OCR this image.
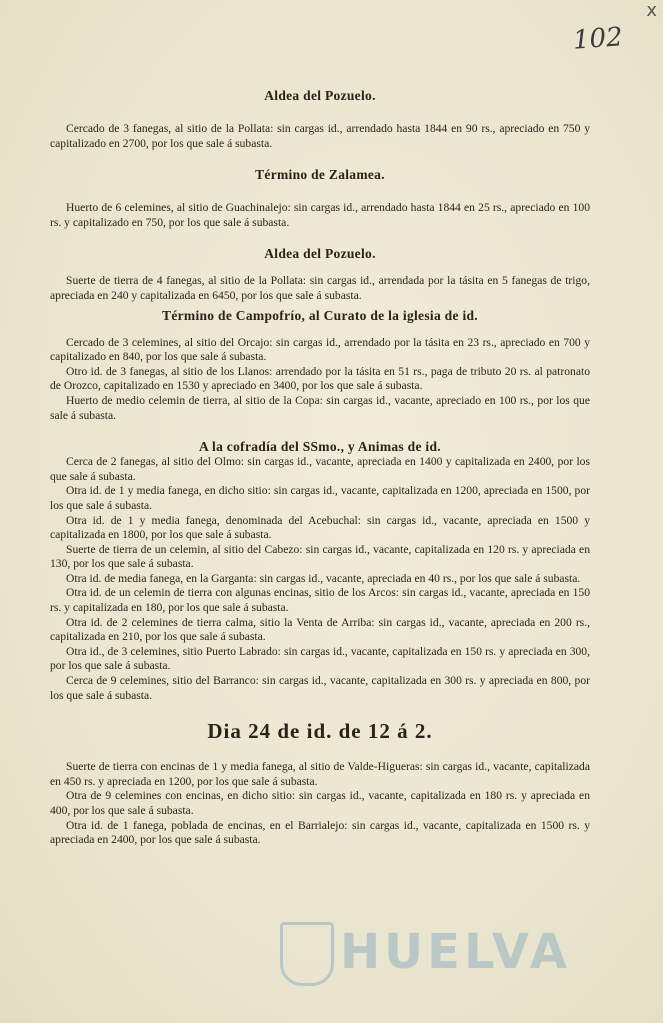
x
102
Aldea del Pozuelo.

Cercado de 3 fanegas, al sitio de la Pollata: sin cargas id., arrendado hasta 1844 en 90 rs., apreciado en 750 y capitalizado en 2700, por los que sale á subasta.

Término de Zalamea.

Huerto de 6 celemines, al sitio de Guachinalejo: sin cargas id., arrendado hasta 1844 en 25 rs., apreciado en 100 rs. y capitalizado en 750, por los que sale á subasta.

Aldea del Pozuelo.

Suerte de tierra de 4 fanegas, al sitio de la Pollata: sin cargas id., arrendada por la tásita en 5 fanegas de trigo, apreciada en 240 y capitalizada en 6450, por los que sale á subasta.

Término de Campofrío, al Curato de la iglesia de id.

Cercado de 3 celemines, al sitio del Orcajo: sin cargas id., arrendado por la tásita en 23 rs., apreciado en 700 y capitalizado en 840, por los que sale á subasta.

Otro id. de 3 fanegas, al sitio de los Llanos: arrendado por la tásita en 51 rs., paga de tributo 20 rs. al patronato de Orozco, capitalizado en 1530 y apreciado en 3400, por los que sale á subasta.

Huerto de medio celemin de tierra, al sitio de la Copa: sin cargas id., vacante, apreciado en 100 rs., por los que sale á subasta.

A la cofradía del SSmo., y Animas de id.

Cerca de 2 fanegas, al sitio del Olmo: sin cargas id., vacante, apreciada en 1400 y capitalizada en 2400, por los que sale á subasta.

Otra id. de 1 y media fanega, en dicho sitio: sin cargas id., vacante, capitalizada en 1200, apreciada en 1500, por los que sale á subasta.

Otra id. de 1 y media fanega, denominada del Acebuchal: sin cargas id., vacante, apreciada en 1500 y capitalizada en 1800, por los que sale á subasta.

Suerte de tierra de un celemin, al sitio del Cabezo: sin cargas id., vacante, capitalizada en 120 rs. y apreciada en 130, por los que sale á subasta.

Otra id. de media fanega, en la Garganta: sin cargas id., vacante, apreciada en 40 rs., por los que sale á subasta.

Otra id. de un celemin de tierra con algunas encinas, sitio de los Arcos: sin cargas id., vacante, apreciada en 150 rs. y capitalizada en 180, por los que sale á subasta.

Otra id. de 2 celemines de tierra calma, sitio la Venta de Arriba: sin cargas id., vacante, apreciada en 200 rs., capitalizada en 210, por los que sale á subasta.

Otra id., de 3 celemines, sitio Puerto Labrado: sin cargas id., vacante, capitalizada en 150 rs. y apreciada en 300, por los que sale á subasta.

Cerca de 9 celemines, sitio del Barranco: sin cargas id., vacante, capitalizada en 300 rs. y apreciada en 800, por los que sale á subasta.

Dia 24 de id. de 12 á 2.

Suerte de tierra con encinas de 1 y media fanega, al sitio de Valde-Higueras: sin cargas id., vacante, capitalizada en 450 rs. y apreciada en 1200, por los que sale á subasta.

Otra de 9 celemines con encinas, en dicho sitio: sin cargas id., vacante, capitalizada en 180 rs. y apreciada en 400, por los que sale á subasta.

Otra id. de 1 fanega, poblada de encinas, en el Barrialejo: sin cargas id., vacante, capitalizada en 1500 rs. y apreciada en 2400, por los que sale á subasta.

HUELVA
